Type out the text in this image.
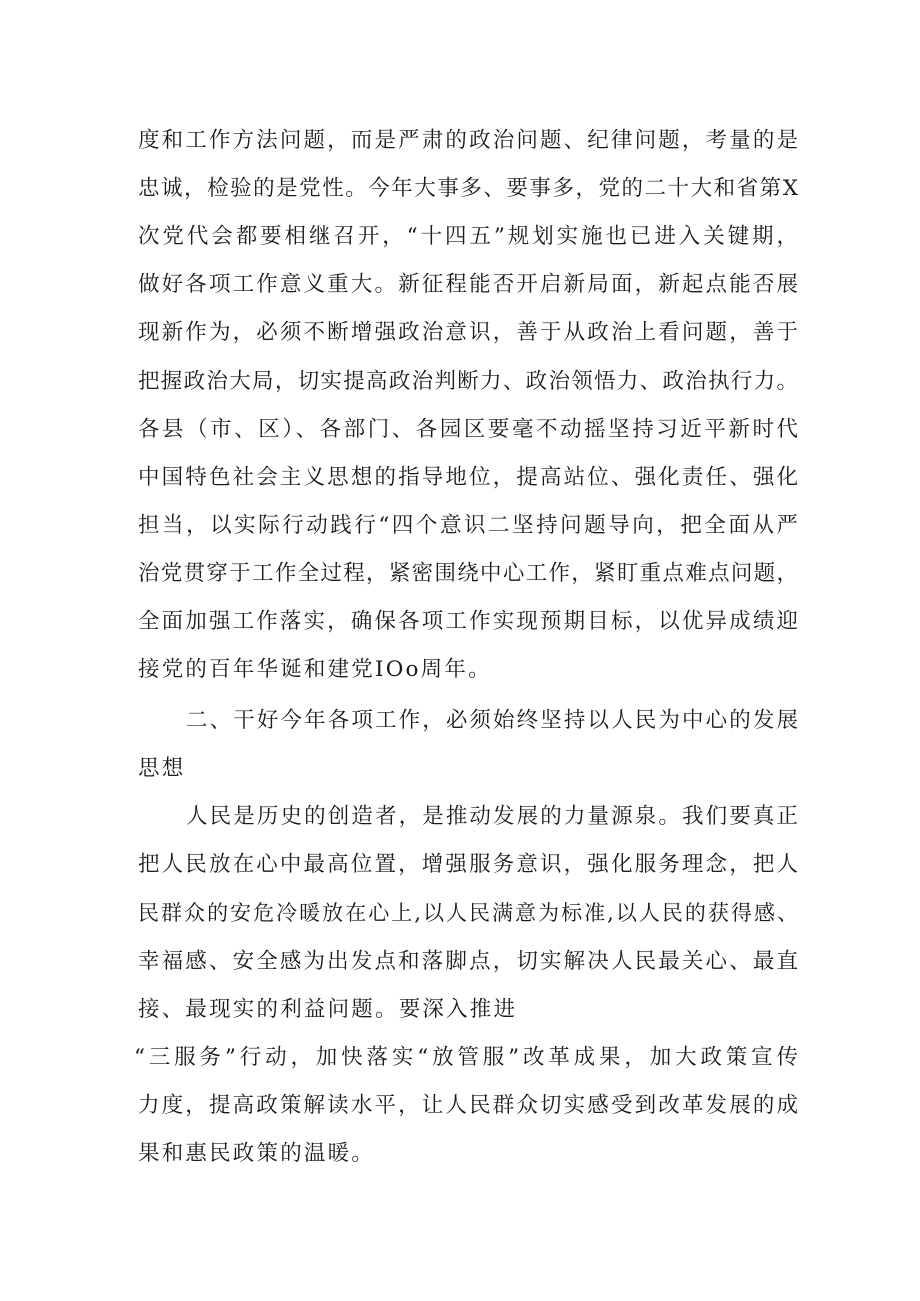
度和工作方法问题，而是严肃的政治问题、纪律问题，考量的是
忠诚，检验的是党性。今年大事多、要事多，党的二十大和省第X
次党代会都要相继召开，“十四五”规划实施也已进入关键期，
做好各项工作意义重大。新征程能否开启新局面，新起点能否展
现新作为，必须不断增强政治意识，善于从政治上看问题，善于
把握政治大局，切实提高政治判断力、政治领悟力、政治执行力。
各县（市、区）、各部门、各园区要毫不动摇坚持习近平新时代
中国特色社会主义思想的指导地位，提高站位、强化责任、强化
担当，以实际行动践行“四个意识二坚持问题导向，把全面从严
治党贯穿于工作全过程，紧密围绕中心工作，紧盯重点难点问题，
全面加强工作落实，确保各项工作实现预期目标，以优异成绩迎
接党的百年华诞和建党IOo周年。
二、干好今年各项工作，必须始终坚持以人民为中心的发展
思想
人民是历史的创造者，是推动发展的力量源泉。我们要真正
把人民放在心中最高位置，增强服务意识，强化服务理念，把人
民群众的安危冷暖放在心上,以人民满意为标准,以人民的获得感、
幸福感、安全感为出发点和落脚点，切实解决人民最关心、最直
接、最现实的利益问题。要深入推进
“三服务”行动，加快落实“放管服”改革成果，加大政策宣传
力度，提高政策解读水平，让人民群众切实感受到改革发展的成
果和惠民政策的温暖。
